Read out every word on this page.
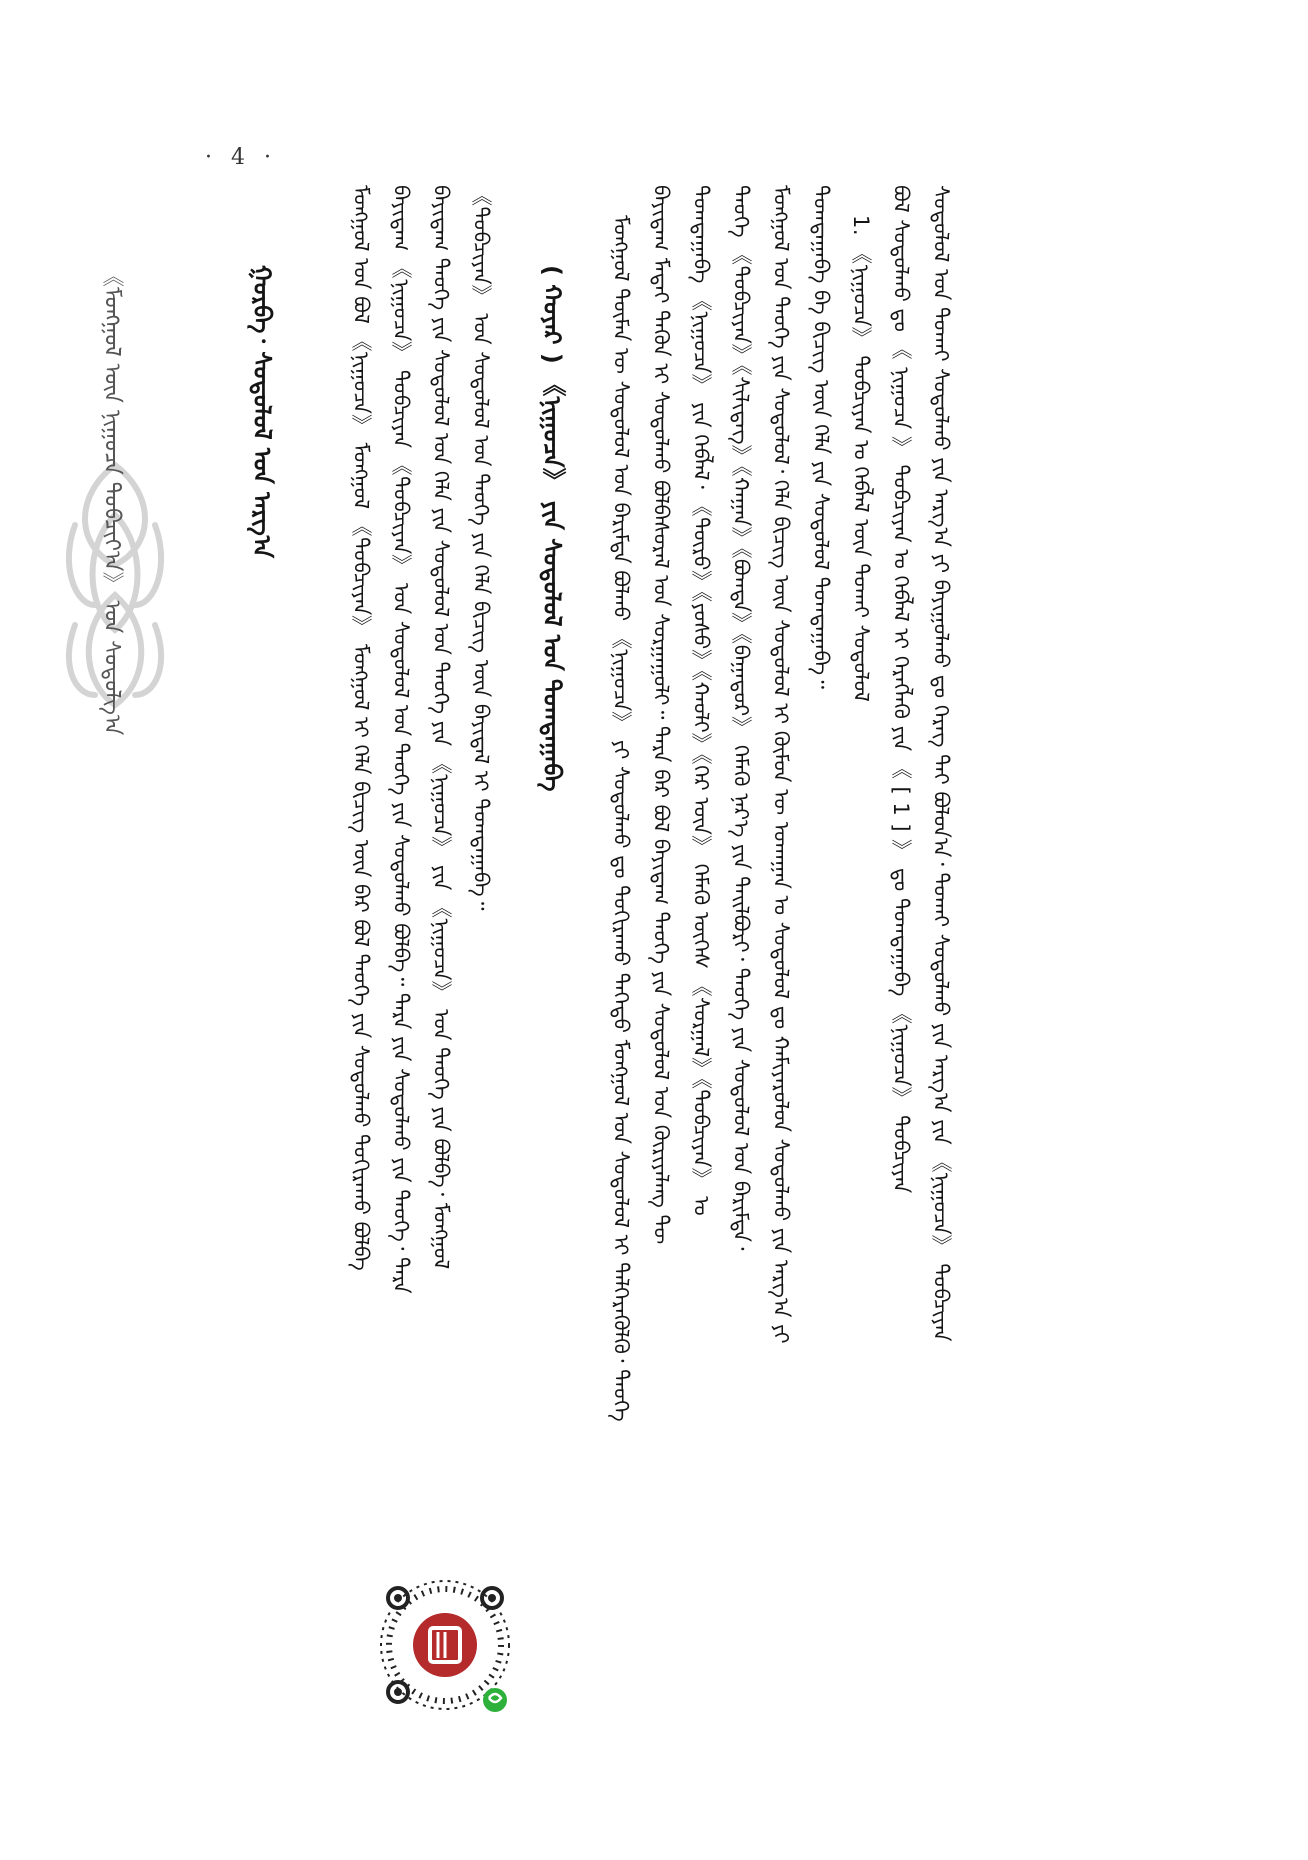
· 4 ·
《ᠮᠣᠩᠭᠣᠯ ᠦᠨ ᠨᠢᠭᠤᠴᠠ ᠲᠣᠪᠴᠢᠶ᠎ᠠ》 ᠤᠨ ᠰᠤᠳᠤᠯᠭ᠎ᠠ	ᠰᠤᠳᠤᠯᠤᠯ ᠤᠨ ᠲᠣᠬᠠᠢ ᠰᠤᠳᠤᠯᠬᠤ ᠶᠢᠨ ᠠᠷᠭ᠎ᠠ ᠶᠢ ᠪᠠᠶᠢᠭᠤᠯᠬᠤ ᠳᠤ ᠬᠡᠷᠡᠭ ᠲᠠᠢ ᠪᠣᠯᠤᠨ᠎ᠠ᠂ ᠲᠣᠬᠠᠢ ᠰᠤᠳᠤᠯᠬᠤ ᠶᠢᠨ ᠠᠷᠭ᠎ᠠ ᠶᠢᠨ 《ᠨᠢᠭᠤᠴᠠ》 ᠲᠣᠪᠴᠢᠶᠠᠨ
ᠪᠣᠯ ᠰᠤᠳᠤᠯᠬᠤ ᠳᠤ 《 ᠨᠢᠭᠤᠴᠠ 》 ᠲᠣᠪᠴᠢᠶᠠᠨ ᠤ ᠬᠡᠪᠯᠡᠯ ᠢ ᠬᠡᠷᠡᠭᠯᠡᠬᠦ ᠶᠢᠨ 《 [ 1 ] 》 ᠳᠤ ᠲᠣᠭᠲᠠᠭᠠᠪᠠ 《ᠨᠢᠭᠤᠴᠠ》 ᠲᠣᠪᠴᠢᠶᠠᠨ
1. 《ᠨᠢᠭᠤᠴᠠ》 ᠲᠣᠪᠴᠢᠶᠠᠨ ᠤ ᠬᠡᠪᠯᠡᠯ ᠦᠨ ᠲᠣᠬᠠᠢ ᠰᠤᠳᠤᠯᠤᠯ
ᠲᠣᠭᠲᠠᠭᠠᠪᠠ ᠪᠠ ᠪᠢᠴᠢᠭ ᠦᠨ ᠬᠡᠯᠡ ᠶᠢᠨ ᠰᠤᠳᠤᠯᠤᠯ ᠲᠣᠭᠲᠠᠭᠠᠪᠠ᠃
ᠮᠣᠩᠭᠣᠯ ᠤᠨ ᠲᠡᠦᠬᠡ ᠶᠢᠨ ᠰᠤᠳᠤᠯᠤᠯ᠂ ᠬᠡᠯᠡ ᠪᠢᠴᠢᠭ ᠦᠨ ᠰᠤᠳᠤᠯᠤᠯ ᠢ ᠬᠦᠮᠦᠨ ᠦ ᠤᠬᠠᠭᠠᠨ ᠤ ᠰᠤᠳᠤᠯᠤᠯ ᠳᠤ ᠬᠠᠮᠢᠶᠠᠷᠤᠯᠤᠨ ᠰᠤᠳᠤᠯᠬᠤ ᠶᠢᠨ ᠠᠷᠭ᠎ᠠ ᠶᠢ
ᠲᠡᠦᠬᠡ 《ᠲᠣᠪᠴᠢᠶᠠᠨ》《ᠰᠢᠯᠢᠳᠡᠭ》《ᠬᠠᠭᠠᠨ》《ᠪᠣᠭᠳᠠ》《ᠪᠠᠭᠠᠲᠤᠷ》 ᠬᠡᠮᠡᠬᠦ ᠨᠡᠷ᠎ᠡ ᠶᠢᠨ ᠲᠠᠢᠯᠪᠤᠷᠢ᠂ ᠲᠡᠦᠬᠡ ᠶᠢᠨ ᠰᠤᠳᠤᠯᠤᠯ ᠤᠨ ᠪᠠᠷᠢᠮᠲᠠ᠂
ᠲᠣᠭᠲᠠᠭᠠᠪᠠ 《ᠨᠢᠭᠤᠴᠠ》 ᠶᠢᠨ ᠬᠡᠪᠯᠡᠯ᠂ 《ᠲᠦᠷᠦ》《ᠶᠣᠰᠤ》《ᠬᠠᠤᠯᠢ》《ᠭᠡᠷ ᠦᠨ》 ᠬᠡᠮᠡᠬᠦ ᠦᠭᠡᠰ 《ᠰᠤᠷᠭᠠᠯ》《ᠲᠣᠪᠴᠢᠶᠠᠨ》 ᠤ
ᠪᠠᠶᠢᠳᠠᠭ ᠮᠠᠲᠠᠢ ᠲᠡᠭᠦᠨ ᠢ ᠰᠤᠳᠤᠯᠬᠤ ᠪᠣᠯᠪᠠᠰᠤᠷᠠᠯ ᠤᠨ ᠰᠤᠷᠭᠠᠭᠤᠯᠢ᠃ ᠲᠡᠷᠡ ᠪᠡᠷ ᠪᠣᠯ ᠪᠠᠶᠢᠳᠠᠭ ᠲᠡᠦᠬᠡ ᠶᠢᠨ ᠰᠤᠳᠤᠯᠤᠯ ᠤᠨ ᠬᠦᠷᠢᠶᠡᠯᠡᠩ ᠲᠦ
ᠮᠣᠩᠭᠣᠯ ᠲᠦᠮᠡᠨ ᠦ ᠰᠤᠳᠤᠯᠤᠯ ᠤᠨ ᠪᠠᠷᠢᠮᠲᠠ ᠪᠣᠯᠬᠤ 《ᠨᠢᠭᠤᠴᠠ》 ᠶᠢ ᠰᠤᠳᠤᠯᠬᠤ ᠳᠤ ᠲᠣᠬᠢᠷᠠᠬᠤ ᠳᠡᠭᠡᠳᠦ ᠮᠣᠩᠭᠣᠯ ᠤᠨ ᠰᠤᠳᠤᠯᠤᠯ ᠢ ᠲᠡᠯᠭᠡᠷᠡᠭᠦᠯᠬᠦ᠂ ᠲᠡᠦᠬᠡ
( ᠬᠣᠶᠠᠷ ) 《ᠨᠢᠭᠤᠴᠠ》 ᠶᠢᠨ ᠰᠤᠳᠤᠯᠤᠯ ᠤᠨ ᠲᠣᠭᠲᠠᠭᠠᠪᠠ
《ᠲᠣᠪᠴᠢᠶᠠᠨ》 ᠤᠨ ᠰᠤᠳᠤᠯᠤᠯ ᠤᠨ ᠲᠡᠦᠬᠡ ᠶᠢᠨ ᠬᠡᠯᠡ ᠪᠢᠴᠢᠭ ᠦᠨ ᠪᠠᠶᠢᠳᠠᠯ ᠢ ᠲᠣᠭᠲᠠᠭᠠᠪᠠ᠃
ᠪᠠᠶᠢᠳᠠᠭ ᠲᠡᠦᠬᠡ ᠶᠢᠨ ᠰᠤᠳᠤᠯᠤᠯ ᠤᠨ ᠬᠡᠯᠡ ᠶᠢᠨ ᠰᠤᠳᠤᠯᠤᠯ ᠤᠨ ᠲᠡᠦᠬᠡ ᠶᠢᠨ 《ᠨᠢᠭᠤᠴᠠ》 ᠶᠢᠨ 《ᠨᠢᠭᠤᠴᠠ》 ᠤᠨ ᠲᠡᠦᠬᠡ ᠶᠢᠨ ᠪᠣᠯᠪᠠ᠂ ᠮᠣᠩᠭᠣᠯ
ᠪᠠᠶᠢᠳᠠᠭ 《ᠨᠢᠭᠤᠴᠠ》 ᠲᠣᠪᠴᠢᠶᠠᠨ 《ᠲᠣᠪᠴᠢᠶᠠᠨ》 ᠤᠨ ᠰᠤᠳᠤᠯᠤᠯ ᠤᠨ ᠲᠡᠦᠬᠡ ᠶᠢᠨ ᠰᠤᠳᠤᠯᠬᠤ ᠪᠣᠯᠪᠠ᠃ ᠲᠡᠷᠡ ᠶᠢᠨ ᠰᠤᠳᠤᠯᠬᠤ ᠶᠢᠨ ᠲᠡᠦᠬᠡ᠂ ᠲᠡᠷᠡ
ᠮᠣᠩᠭᠣᠯ ᠤᠨ ᠪᠣᠯ 《ᠨᠢᠭᠤᠴᠠ》 ᠮᠣᠩᠭᠣᠯ 《ᠲᠣᠪᠴᠢᠶᠠᠨ》 ᠮᠣᠩᠭᠣᠯ ᠢ ᠬᠡᠯᠡ ᠪᠢᠴᠢᠭ ᠦᠨ ᠪᠠᠷ ᠪᠣᠯ ᠲᠡᠦᠬᠡ ᠶᠢᠨ ᠰᠤᠳᠤᠯᠬᠤ ᠲᠣᠬᠢᠷᠠᠬᠤ ᠪᠣᠯᠪᠠ
ᠭᠤᠷᠪᠠ᠂ ᠰᠤᠳᠤᠯᠤᠯ ᠤᠨ ᠠᠷᠭ᠎ᠠ
